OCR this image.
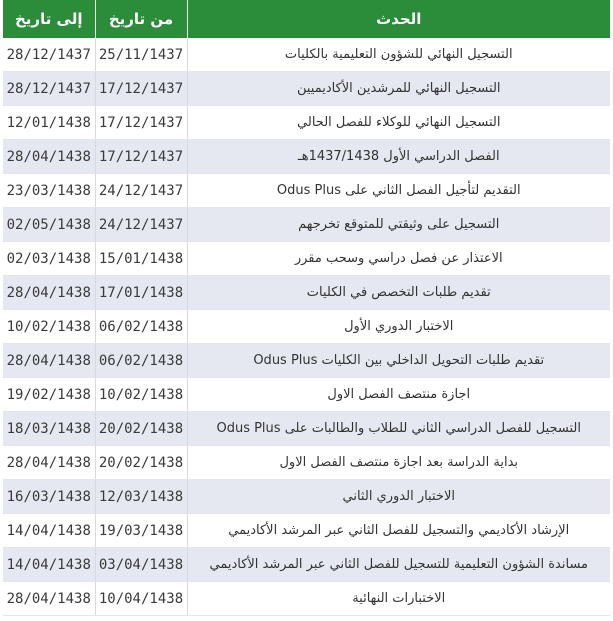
إلى تاريخ	من تاريخ	الحدث
28/12/1437	25/11/1437	التسجيل النهائي للشؤون التعليمية بالكليات
28/12/1437	17/12/1437	التسجيل النهائي للمرشدين الأكاديميين
12/01/1438	17/12/1437	التسجيل النهائي للوكلاء للفصل الحالي
28/04/1438	17/12/1437	الفصل الدراسي الأول 1437/1438هـ
23/03/1438	24/12/1437	التقديم لتأجيل الفصل الثاني على Odus Plus
02/05/1438	24/12/1437	التسجيل على وثيقتي للمتوقع تخرجهم
02/03/1438	15/01/1438	الاعتذار عن فصل دراسي وسحب مقرر
28/04/1438	17/01/1438	تقديم طلبات التخصص في الكليات
10/02/1438	06/02/1438	الاختبار الدوري الأول
28/04/1438	06/02/1438	تقديم طلبات التحويل الداخلي بين الكليات Odus Plus
19/02/1438	10/02/1438	اجازة منتصف الفصل الاول
18/03/1438	20/02/1438	التسجيل للفصل الدراسي الثاني للطلاب والطالبات على Odus Plus
28/04/1438	20/02/1438	بداية الدراسة بعد اجازة منتصف الفصل الاول
16/03/1438	12/03/1438	الاختبار الدوري الثاني
14/04/1438	19/03/1438	الإرشاد الأكاديمي والتسجيل للفصل الثاني عبر المرشد الأكاديمي
14/04/1438	03/04/1438	مساندة الشؤون التعليمية للتسجيل للفصل الثاني عبر المرشد الأكاديمي
28/04/1438	10/04/1438	الاختبارات النهائية
